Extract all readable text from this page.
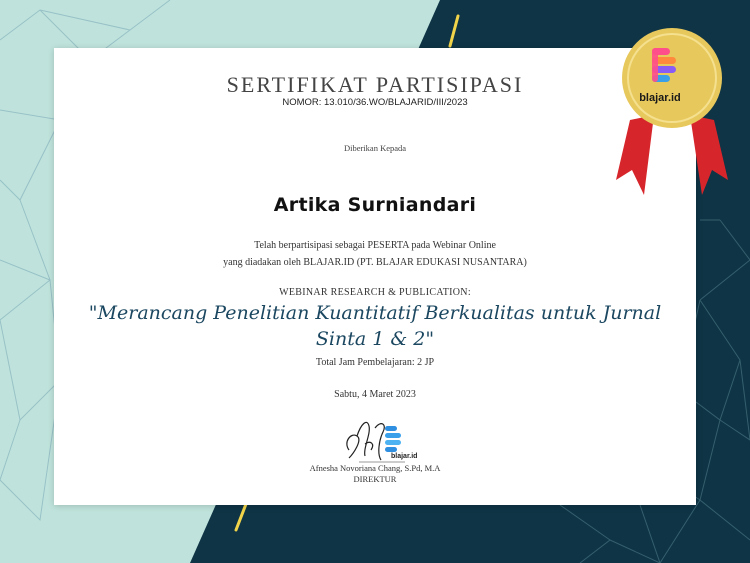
SERTIFIKAT PARTISIPASI

NOMOR: 13.010/36.WO/BLAJARID/III/2023

Diberikan Kepada

Artika Surniandari

Telah berpartisipasi sebagai PESERTA pada Webinar Online

yang diadakan oleh BLAJAR.ID (PT. BLAJAR EDUKASI NUSANTARA)

WEBINAR RESEARCH & PUBLICATION:

"Merancang Penelitian Kuantitatif Berkualitas untuk Jurnal
Sinta 1 & 2"

Total Jam Pembelajaran: 2 JP

Sabtu, 4 Maret 2023

blajar.id

Afnesha Novoriana Chang, S.Pd, M.A

DIREKTUR

blajar.id
